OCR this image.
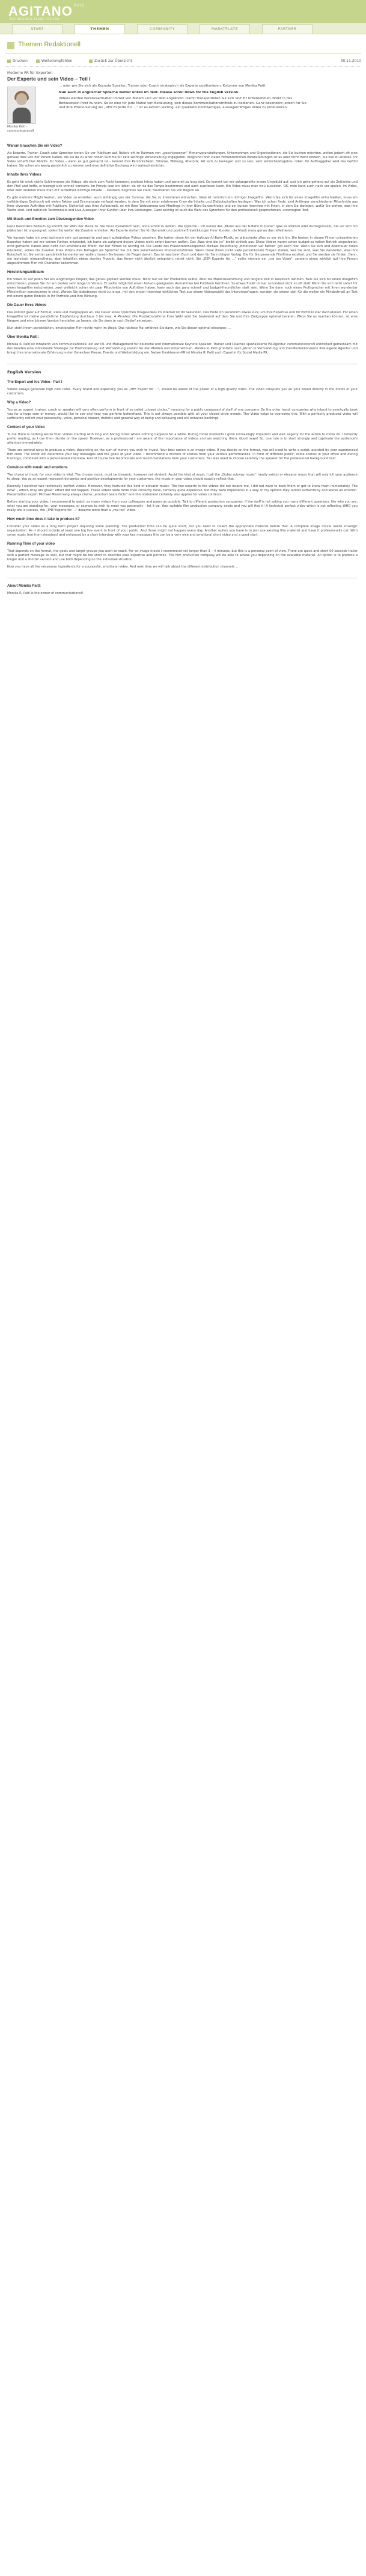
AGITANO $^{beta}$
THE BUSINESS PLACE FOR YOU
START	THEMEN	COMMUNITY	MARKTPLATZ	PARTNER
Themen Redaktionell
Drucken	Weiterempfehlen	Zurück zur Übersicht	30.11.2010
Moderne PR für Experten
Der Experte und sein Video – Teil I
Monika Paitl -
communications9

... oder wie Sie sich als Keynote Speaker, Trainer oder Coach strategisch als Experte positionieren. Kolumne von Monika Paitl.

Nun auch in englischer Sprache weiter unten im Text. Please scroll down for the English version.

Videos werden bereisreermaßen immer von Bildern und vor Text angeklickt. Damit transportieren Sie sich und Ihr Unternehmen direkt in das Bewusstsein Ihrer Kunden. So ist eine für jede Marke von Bedeutung, sich dieses Kommunikationsmittels zu bedienen. Ganz besonders jedoch für Sie und Ihre Positionierung als „DER Experte für ...“ ist es extrem wichtig, ein qualitativ hochwertiges, aussagekräftiges Video zu produzieren.

Warum brauchen Sie ein Video?

Als Experte, Trainer, Coach oder Sprecher treten Sie vor Publikum auf. Relativ oft im Rahmen von „geschlossenen“ Firmenveranstaltungen, Unternehmen und Organisationen, die Sie buchen möchten, wollen jedoch oft eine genaue Idee von der Person haben, die sie da zu einer hohen Summe für eine wichtige Veranstaltung engagieren. Aufgrund Ihrer vielen Firmenterminen-Veranstaltungen ist es aber nicht mehr einfach, Sie live zu erleben. Ihr Video schafft hier Abhilfe. Ihr Video – wenn es gut gemacht ist – kommt Ihre Persönlichkeit, Stimme, Wirkung, Rhetorik, Art sich zu bewegen und zu sein, sehr wirklichkeitsgetreu rüber. Ihr Auftraggeber wird das Gefühl haben, Sie schon ein wenig persönlich zu kennen und eine definitive Buchung wird wahrscheinlicher.

Inhalte Ihres Videos

Es geht für mich nichts Schlimmeres als Videos, die nicht zum Punkt kommen, endlose Intros haben und generell zu lang sind. Da kommt bei mir gelangweilte innere Ungeduld auf, und ich gehe gehend auf die Zeitleiste und den Pfeil und hoffe, er bewegt sich schnell vorwärts. Im Prinzip lese ich lieber, da ich da das Tempo bestimmen und auch querlesen kann. Ein Video muss man frau aussitzen. OK, man kann auch nach vor spulen. Im Video, über dem anderen muss man mit Sicherheit wichtige Inhalte ... Deshalb, beginnen Sie stark, faszinieren Sie von Beginn an.

Es gibt mehrere Möglichkeiten, ein Video zu erstellen, auch abhängig von der Summe, die Sie zu investieren wünschen. Ideal ist natürlich ein richtiger Imagefilm. Wenn Sie sich für einen Imagefilm entschließen, muss ein vollständiges Drehbuch mit vielen Fakten und Dramaturgie verfasst werden, in dem Sie mit einer erfahrenen Crew die Inhalte und Zielbotschaften festlegen. Was ich schon finde, sind Anfänger verschiedener Mitschnitte aus Ihrer diversen Auftritten mit Publikum. Sicherlich aus ihrer Aufbauwelt, es mit Ihrer Webcamera und Meetings in Ihrer Büro-Sonderfinden und ein kurzes Interview mit Ihnen, in dem Sie darlegen, wofür Sie stehen, was Ihre Werte sind. Und natürlich Testimonials und Live-Aussagen Ihrer Kunden über Ihre Leistungen. Ganz wichtig ist auch die Wahl des Sprechers für den professionell gesprochenen, unterlegten Text.

Mit Musik und Emotion zum Überzeugenden Video

Ganz besonders Bedeutung kommt der Wahl der Musik zu. Sie muss dynamisch sein, ohne schrill zu wirken. Die typische – ich nenne das „Musik aus der U-Bahn in Dubai“ lgäe es wirklich oder Aufzugsmusik„ die vor sich hin plätschert ist ungeeignet, sollen Sie weiter die Zuseher erstellen. Als Experte stehen Sie für Dynamik und positive Entwicklungen Ihrer Kunden, die Musik muss genau das reflektieren.

Vor kurzem habe ich zwei technisch sehr gut gemachte und auch aufwändige Videos gesehen. Die hatten diese Art der Aufzugs-/U-Bahn-Musik, es plätscherte alles so vor sich hin. Die besten in diesen Filmen präsentierten Experten haben bei mir keinen Funken entzündet, ich hatte sie aufgrund dieses Videos nicht sofort buchen wollen. Das „Was sind die ist“ bleibt einfach aus. Diese Videos waren schon budget-so hohen Betrich angestzetzt, echt gemacht, haben aber nicht den emotionalen Effekt, der her Filmen so wichtig ist. Die Grede des Präsentationsexperten Michael Messitnang „Emotionen vor Fakten“ gilt auch hier. Wenn Sie sich und Abenteuer Video einstellen, sollen die Zuseher Ihres Videos Ihre Botlagen als Sprecher Sie mit den verschiedenen Produktionsfirmen. Wenn diese Ihnen nicht viele persönlichste Fragen stellen, wer Sie sind, was Sie darstellen, was Ihre Botschaft ist, Sie vertier persönlich kennenlernen wollen, lassen Sie besser die Finger davon. Das ist was beim Buch und dem für Sie richtigen Verlag. Die für Sie passende Filmfirma existiert und Sie werden sie finden. Denn, ein technisch einwandfreies, aber inhaltlich etwas steriles Produkt, das Ihrem nicht ähnlich entspricht, reicht nicht. Sie „DER Experte für ...“ sollte niemals ein „nie too Video“, sondern einen wirklich auf Ihre Person abgestimmten Film mit Charakter bekommen.

Herstellungszeitraum

Ein Video ist auf jeden Fall ein langfristiges Projekt, das genau geplant werden muss. Nicht nur sie der Produktion selbst. Aber die Materialsammlung und längere Zeit in Anspruch nehmen. Falls Sie sich für einen Imagefilm entschieden, planen Sie ihn am besten sehr lange im Voraus. Er sollte möglichst einen Auf-von geeigneten Aufnahmen bei Publikum berühren. So etwas findet immer zumindest nicht so oft statt Wenn Sie sich nicht sofort für einen Imagefilm entscheiden, zwei vielleicht schon ein paar Mitschnitte von Auftritten haben, kann auch das ganz schnell und budget-freundlicher statt sein. Wenn Sie dann noch einen Profisprecher mit Ihren wunderbar Mitschnitten konstruieren in sind. Warten Sie stattdessen nicht zu lange, mit den ersten Interview wirklichen Text aus einem Videoprojekt des Interviewsfragen, sondern sie setzen sich für die wollen ein Mindestmaß an Text mit einem guten Einblick in Ihr Portfolio und Ihre Wirkung.

Die Dauer Ihres Videos

Das kommt ganz auf Format, Ziele und Zielgruppen an. Die Dauer eines typischen Imagevideos im Internet ist 90 Sekunden. Das finde ich persönlich etwas kurz, um Ihre Expertise und Ihr Portfolio klar darzustellen. Für einen Imagefilm ist meine persönliche Empfehlung durchaus 3 bis max. 4 Minuten. Die Produktionsfirma Ihrer Wahl wird Sie basierend auf dem Sie und Ihre Zielgruppe optimal beraten. Wenn Sie es machen können, ist eine längere und eine kürzere Version herstellen zu lassen, die Sie dann je nach Bedarf einsetzen.

Nun steht Ihrem persönlichen, emotionalen Film nichts mehr im Wege. Das nächste Mal erfahren Sie dann, wie Sie diesen optimal einsetzen. ...

Über Monika Paitl:

Monika R. Paitl ist Inhaberin von communications9, ein auf PR und Management für deutsche und internationale Keynote Speaker, Trainer und Coaches spezialisierte PR-Agentur. communications9 entwickelt gemeinsam mit den Kunden eine individuelle Strategie zur Positionierung und Vermarktung sowohl bei den Medien und Unternehmen. Monika R. Paitl gründete nach Jahren in Vermarktung und Ziel-Medienkonzerne ihre eigene Agentur und bringt ihre internationale Erfahrung in den Bereichen Presse, Events und Weiterbildung ein. Neben Ihrakteuren-PR ist Monika R. Paitl auch Expertin für Social Media PR.

English Version
The Expert and his Video– Part I

Videos always generate high click rates. Every brand and especially you as „THE Expert for ...“, should be aware of the power of a high quality video. The video catapults you an your brand directly in the minds of your customers.

Why a Video?

You as an expert, trainer, coach or speaker will very often perform in front of so called „closed circles,“ meaning for a public composed of staff of one company. On the other hand, companies who intend to eventually book you for a huge sum of money, would like to see and hear you perform beforehand. This is not always possible with all your closed circle events. The Video helps to overcome this. With a perfectly produced video will sufficiently reflect your personality, voice, personal impact, rhetoric and general way of being and behaving and will enhance bookings.

Content of your Video

To me there is nothing worse than videos starting with long and boring intros where nothing happens for a while. During those moments I grow increasingly impatient and wait eagerly for the action to move on. I honestly prefer reading, as I can then decide on the speed. However, as a professional I am aware of the importance of videos and am watching them. Good news! So, one rule is to start strongly and captivate the audience's attention immediately.

There are several ways to produce a video, depending on the sum of money you wish to invest. Your best option is an image video. If you decide on the format, you will need to write a script, assisted by your experienced film crew. The script will determine your key messages and the goals of your video. I recommend a mixture of scenes from your various performances, in front of different public, some scenes in your office and during trainings, combined with a personalized interview. And of course live testimonials and recommendations from your customers. You also need to choose carefully the speaker for the professional background text.

Convince with music and emotions

The choice of music for your video is vital. The chosen music must be dynamic, however not strident. Avoid the kind of music I call the „Dubai subway music“ (really exists) or elevator music that will only lull your audience to sleep. You as an expert represent dynamics and positive developments for your customers, the music in your video should exactly reflect that.

Recently I watched two technically perfect videos. However, they featured this kind of elevator music. The two experts in the videos did not inspire me, I did not want to book them or get to know them immediately. The wow! „ effect, they are great“ effect did not happen. These videos were more than correctly done, certainly quite expensive, but they were impersonal in a way. In my opinion they lacked authenticity and above all emotion. Presentation expert Michael Messitnang always claims „emotion beats facts“ and this statement certainly also applies for video contents.

Before starting your video, I recommend to watch as many videos from your colleagues and peers as possible. Talk to different production companies. If the staff is not asking you many different questions, like who you are, what you are standing for, your messages, or express to wish to meet you personally – let it be. Your suitable film production company exists and you will find it! A technical perfect video which is not reflecting WHO you really are is useless. You „THE Experts for ...“ deserve more than a „me too“ video.

How much time does it take to produce it?

Consider your video as a long term project requiring some planning. The production time can be quite short, but you need to collect the appropriate material before that. A complete image movie needs strategic organization. As it should include at least one big live event in front of your public. And those might not happen every day. Another option you have is to just use existing film material and have it professionally cut. With some music (not from elevators) and enhanced by a short interview with your key messages this can be a very nice and emotional short video and a good start.

Running Time of your video

That depends on the format, the goals and target groups you want to reach. For an image movie I recommend not longer than 3 – 4 minutes, but this is a personal point of view. There are quick and short 90 seconds trailer with a perfect message as well, but that might be too short to describe your expertise and portfolio. The film production company will be able to advise you depending on the available material. An option is to produce a longer and a shorter version and use both depending on the individual situation.

Now you have all the necessary ingredients for a successful, emotional video. And next time we will talk about the different distribution channels ...

About Monika Paitl:

Monika R. Paitl is the owner of communications9
